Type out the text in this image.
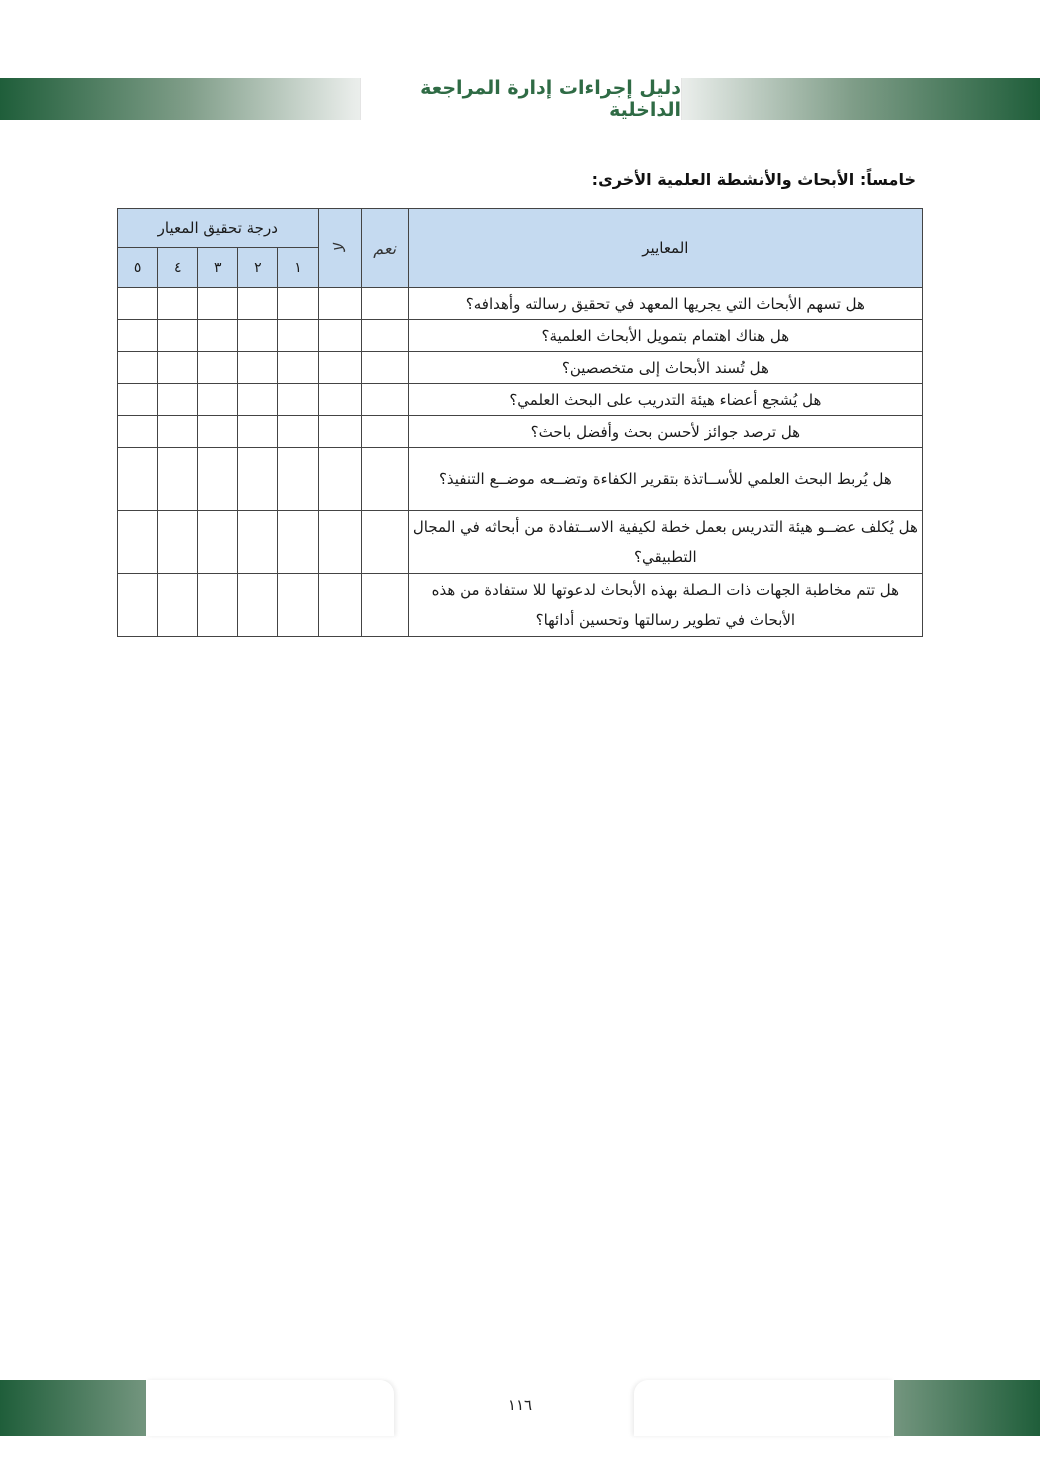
دليل إجراءات إدارة المراجعة الداخلية
خامساً: الأبحاث والأنشطة العلمية الأخرى:
المعايير	نعم	لا	درجة تحقيق المعيار				
			١	٢	٣	٤	٥
هل تسهم الأبحاث التي يجريها المعهد في تحقيق رسالته وأهدافه؟							
هل هناك اهتمام بتمويل الأبحاث العلمية؟							
هل تُسند الأبحاث إلى متخصصين؟							
هل يُشجع أعضاء هيئة التدريب على البحث العلمي؟							
هل ترصد جوائز لأحسن بحث وأفضل باحث؟							
هل يُربط البحث العلمي للأســاتذة بتقرير الكفاءة وتضــعه موضــع التنفيذ؟							
هل يُكلف عضــو هيئة التدريس بعمل خطة لكيفية الاســتفادة من أبحاثه في المجال التطبيقي؟							
هل تتم مخاطبة الجهات ذات الـصلة بهذه الأبحاث لدعوتها للا ستفادة من هذه الأبحاث في تطوير رسالتها وتحسين أدائها؟							
١١٦
